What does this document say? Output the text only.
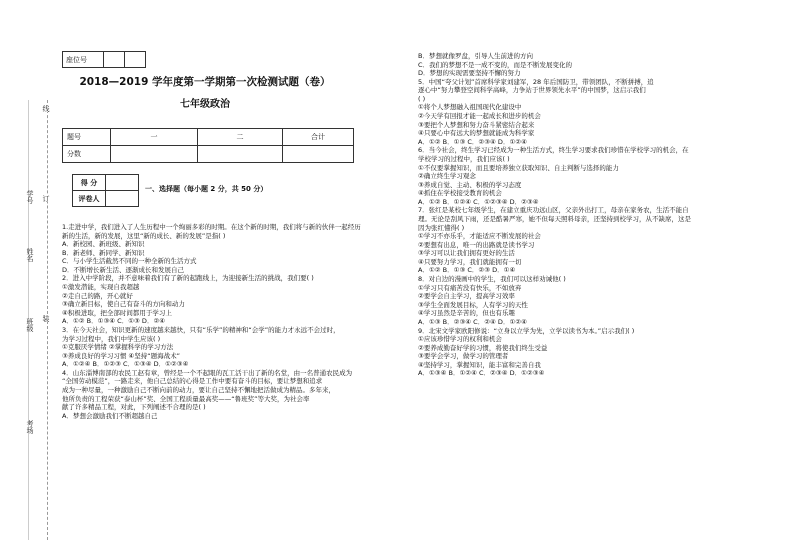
学号
姓名
班级
考场
线
订
装
座位号		
2018—2019 学年度第一学期第一次检测试题（卷）
七年级政治
题号	一	二	合计
分数			
得 分	
评卷人	
一、选择题（每小题 2 分，共 50 分）
1.走进中学，我们进入了人生历程中一个绚丽多彩的时期。在这个新的时期，我们将与新的伙伴一起经历
新的生活，新的发展，这里“新的成长、新的发展”是指( )
A．新校园、新班级、新知识
B．新老师、新同学、新知识
C．与小学生活截然不同的一种全新的生活方式
D．不断增长新生活、逐渐成长和发展自己
2．进入中学阶段，并不意味着我们有了新的起跑线上，为迎接新生活的挑战，我们要( )
①激发潜能，实现自我超越
②走自己的路，开心就好
③确立新目标，使自己有奋斗的方向和动力
④积极进取，把全部时间都用于学习上
A．①② B．①③④ C．①③ D．②④
3．在今天社会，知识更新的速度越来越快，只有“乐学”的精神和“会学”的能力才永远不会过时，
为学习过程中，我们中学生应该( )
①克服厌学情绪 ②掌握科学的学习方法
③养成良好的学习习惯 ④坚持“题海战术”
A．①②④ B．①②③ C．①③④ D．①②③④
4．山东淄博南部的农民工赵有章，曾经是一个不起眼的瓦工活干出了新的名堂，由一名普通农民成为
“全国劳动模范”，一路走来，他自己总结的心得是工作中要有奋斗的目标，要让梦想和追求
成为一种尽量，一种激励自己不断向前的动力，要让自己坚持不懈地把活做成为精品。多年来，
他所负责的工程荣获“泰山杯”奖、全国工程质量最高奖——“鲁班奖”等大奖，为社会率
献了许多精品工程，对此，下列阐述不合理的是( )
A．梦想会激励我们不断超越自己
B．梦想就像罗盘，引导人生前进的方向
C．我们的梦想不是一成不变的，而是不断发展变化的
D．梦想的实现需要坚持不懈的努力
5．中国“夸父计划”首席科学家刘建军，28 年后国防卫，带领团队，不断拼搏，追
逐心中“努力攀登空间科学高峰，力争站于世界领先水平”的中国梦，这启示我们
( )
①将个人梦想融入祖国现代化建设中
②今天学有回报才能一起成长和进步的机会
③要把个人梦想和努力奋斗紧密结合起来
④只要心中有远大的梦想就能成为科学家
A．①② B．①③ C．②③④ D．①②④
6．当今社会，终生学习已经成为一种生活方式，终生学习要求我们珍惜在学校学习的机会，在
学校学习的过程中，我们应该( )
①不仅要掌握知识，而且要培养独立获取知识、自主判断与选择的能力
②确立终生学习观念
③养成自觉、主动、积极的学习态度
④抓住在学校接受教育的机会
A．①② B．①②④ C．①②③④ D．②③④
7．张红是某校七年级学生，在建立重庆功远山区，父亲外出打工，母亲在家务农，生活不能自
理。无论是刮风下雨，还是酷暑严寒，她不但每天照料母亲，还坚持到校学习，从不缺席，这是
因为张红懂得( )
①学习不亦乐乎，才能适应不断发展的社会
②要想有出息，唯一的出路就是读书学习
③学习可以让我们拥有更好的生活
④只要努力学习，我们就能拥有一切
A．①② B．①③ C．②③ D．①④
8．对自边的漫画中的学生，我们可以这样劝诫他( )
①学习只有痛苦没有快乐，不如放弃
②要学会自主学习，提高学习效率
③学生全面发展目标，人有学习的天性
④学习虽然是辛苦的，但也有乐趣
A．①③ B．②③④ C．②④ D．①②④
9．北宋文学家欧阳修说：“立身以立学为先，立学以读书为本。”启示我们( )
①应该珍惜学习的权利和机会
②要养成勤奋好学的习惯，将使我们终生受益
③要学会学习，做学习的管理者
④坚持学习，掌握知识，能丰富和完善自我
A．①③④ B．①②④ C．②③④ D．①②③④
